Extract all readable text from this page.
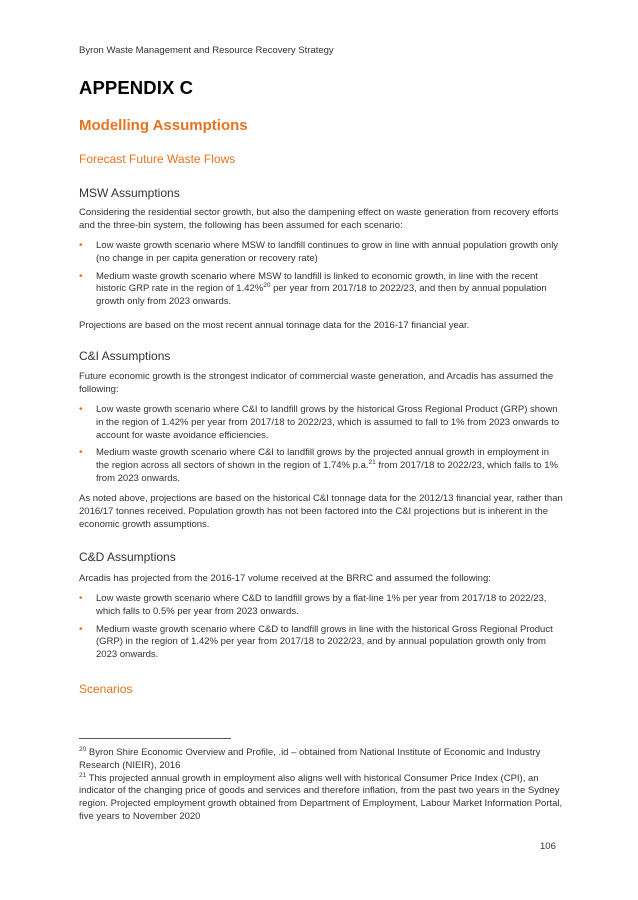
Byron Waste Management and Resource Recovery Strategy
APPENDIX C
Modelling Assumptions
Forecast Future Waste Flows
MSW Assumptions
Considering the residential sector growth, but also the dampening effect on waste generation from recovery efforts and the three-bin system, the following has been assumed for each scenario:
• Low waste growth scenario where MSW to landfill continues to grow in line with annual population growth only (no change in per capita generation or recovery rate)
• Medium waste growth scenario where MSW to landfill is linked to economic growth, in line with the recent historic GRP rate in the region of 1.42%$^{20}$ per year from 2017/18 to 2022/23, and then by annual population growth only from 2023 onwards.
Projections are based on the most recent annual tonnage data for the 2016-17 financial year.
C&I Assumptions
Future economic growth is the strongest indicator of commercial waste generation, and Arcadis has assumed the following:
• Low waste growth scenario where C&I to landfill grows by the historical Gross Regional Product (GRP) shown in the region of 1.42% per year from 2017/18 to 2022/23, which is assumed to fall to 1% from 2023 onwards to account for waste avoidance efficiencies.
• Medium waste growth scenario where C&I to landfill grows by the projected annual growth in employment in the region across all sectors of shown in the region of 1.74% p.a.$^{21}$ from 2017/18 to 2022/23, which falls to 1% from 2023 onwards.
As noted above, projections are based on the historical C&I tonnage data for the 2012/13 financial year, rather than 2016/17 tonnes received. Population growth has not been factored into the C&I projections but is inherent in the economic growth assumptions.
C&D Assumptions
Arcadis has projected from the 2016-17 volume received at the BRRC and assumed the following:
• Low waste growth scenario where C&D to landfill grows by a flat-line 1% per year from 2017/18 to 2022/23, which falls to 0.5% per year from 2023 onwards.
• Medium waste growth scenario where C&D to landfill grows in line with the historical Gross Regional Product (GRP) in the region of 1.42% per year from 2017/18 to 2022/23, and by annual population growth only from 2023 onwards.
Scenarios

$^{20}$ Byron Shire Economic Overview and Profile, .id – obtained from National Institute of Economic and Industry Research (NIEIR), 2016

$^{21}$ This projected annual growth in employment also aligns well with historical Consumer Price Index (CPI), an indicator of the changing price of goods and services and therefore inflation, from the past two years in the Sydney region. Projected employment growth obtained from Department of Employment, Labour Market Information Portal, five years to November 2020

106
